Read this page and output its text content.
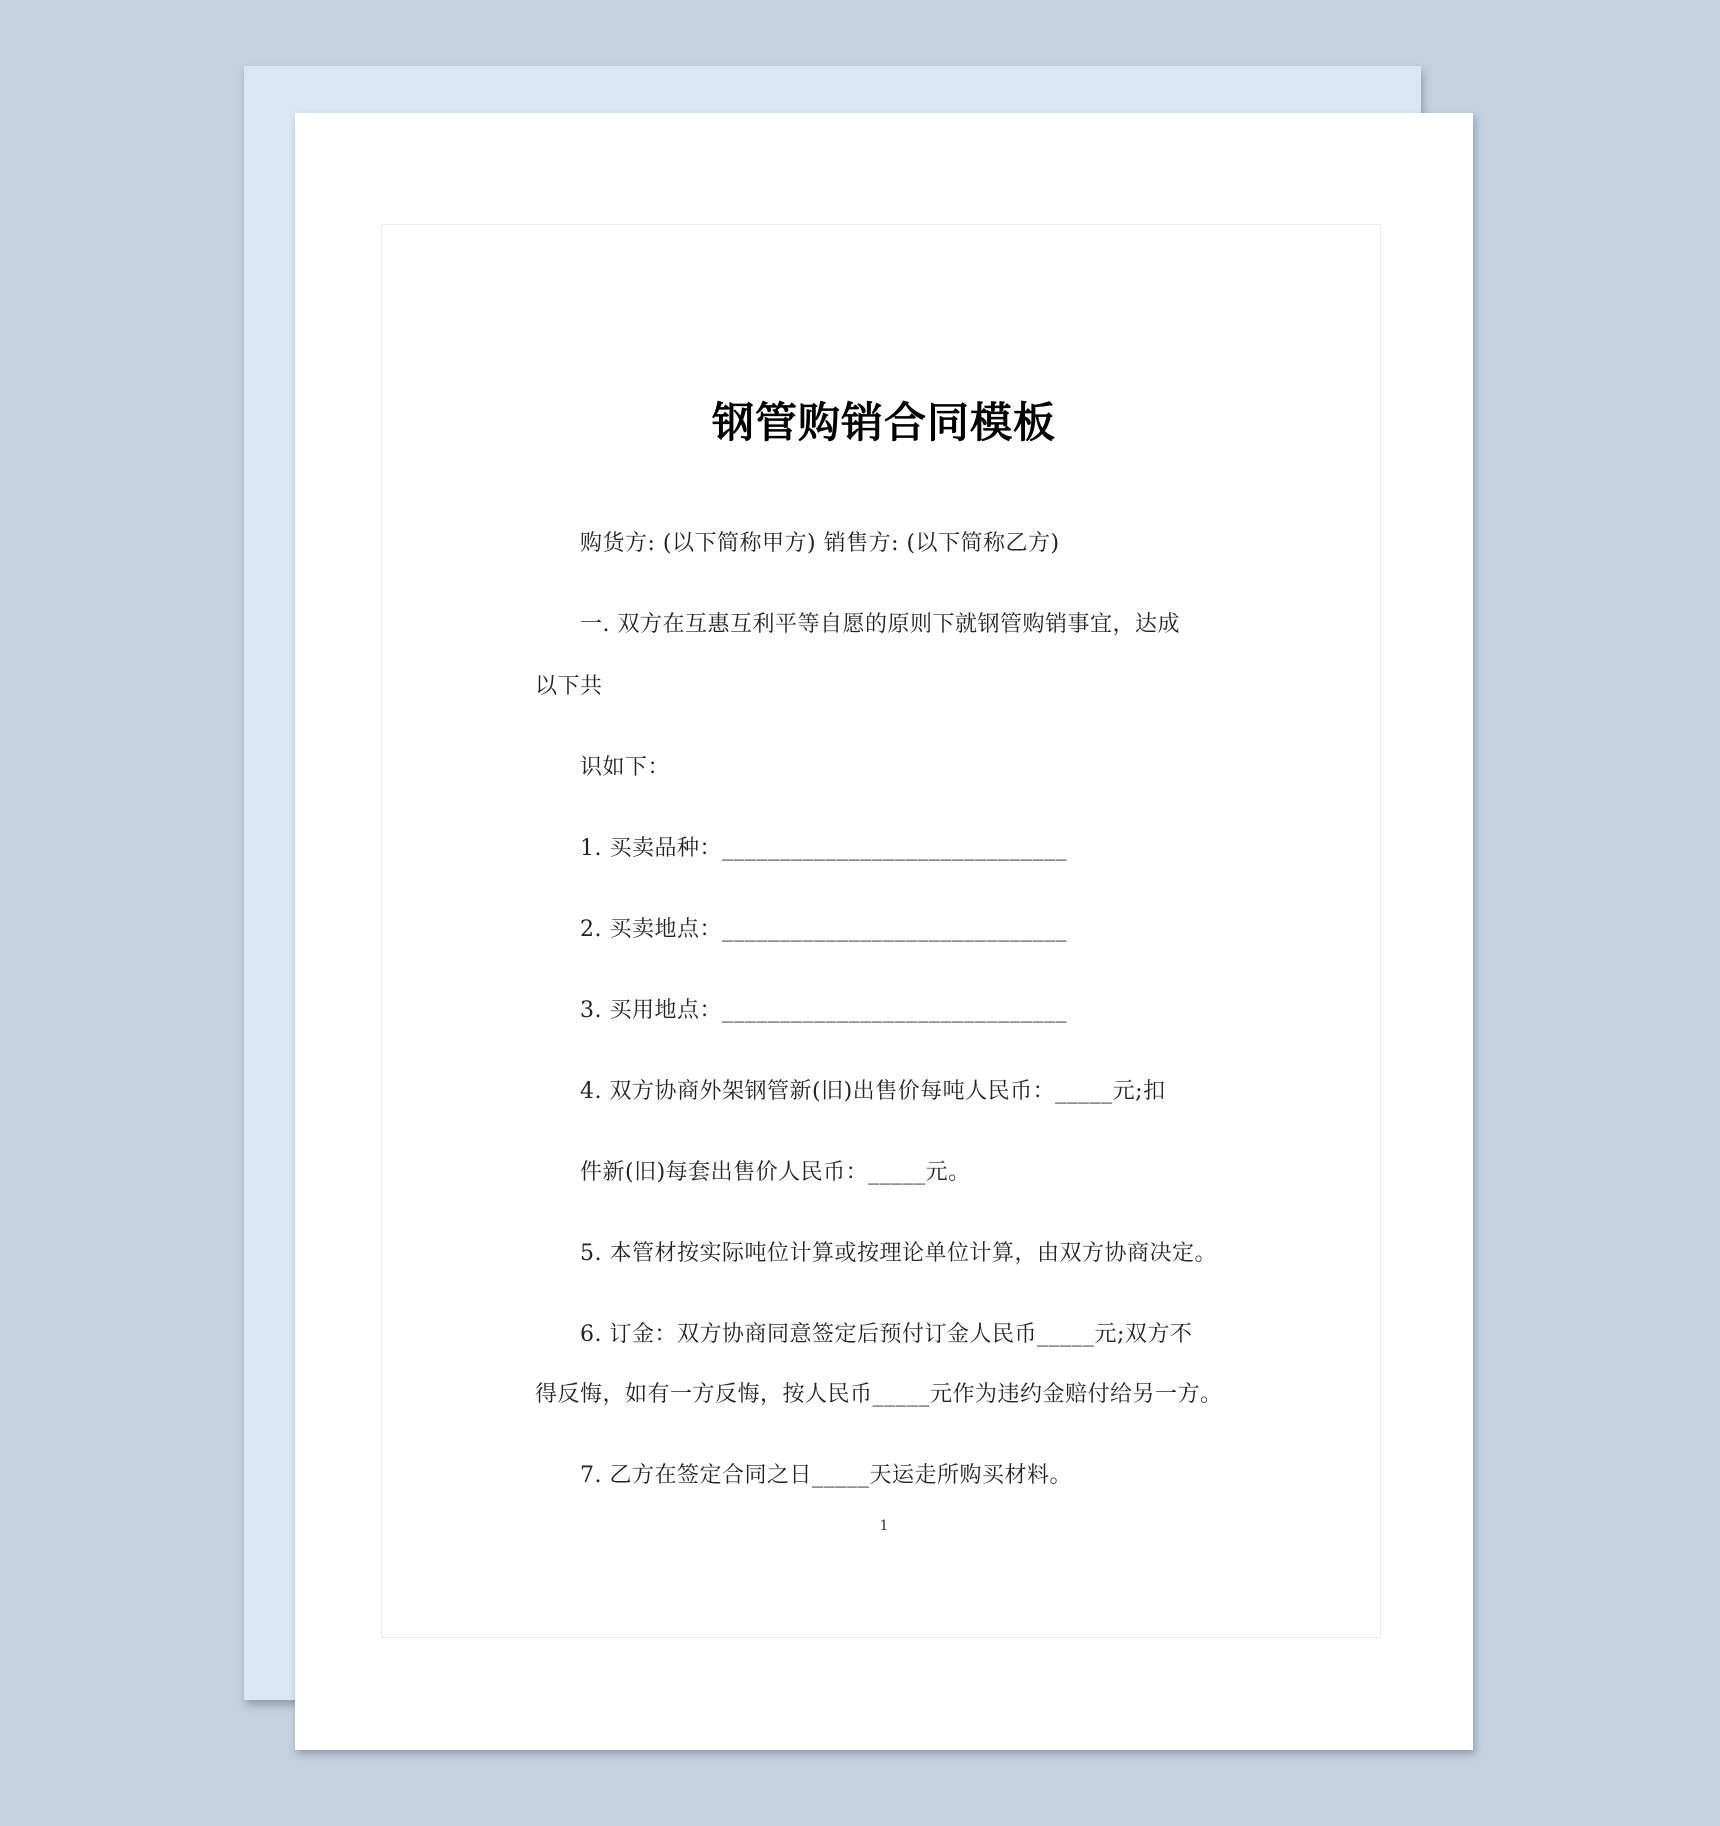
钢管购销合同模板
购货方: (以下简称甲方) 销售方: (以下简称乙方)
一. 双方在互惠互利平等自愿的原则下就钢管购销事宜，达成
以下共
识如下：
1. 买卖品种：______________________________
2. 买卖地点：______________________________
3. 买用地点：______________________________
4. 双方协商外架钢管新(旧)出售价每吨人民币：_____元;扣
件新(旧)每套出售价人民币：_____元。
5. 本管材按实际吨位计算或按理论单位计算，由双方协商决定。
6. 订金：双方协商同意签定后预付订金人民币_____元;双方不
得反悔，如有一方反悔，按人民币_____元作为违约金赔付给另一方。
7. 乙方在签定合同之日_____天运走所购买材料。
1
